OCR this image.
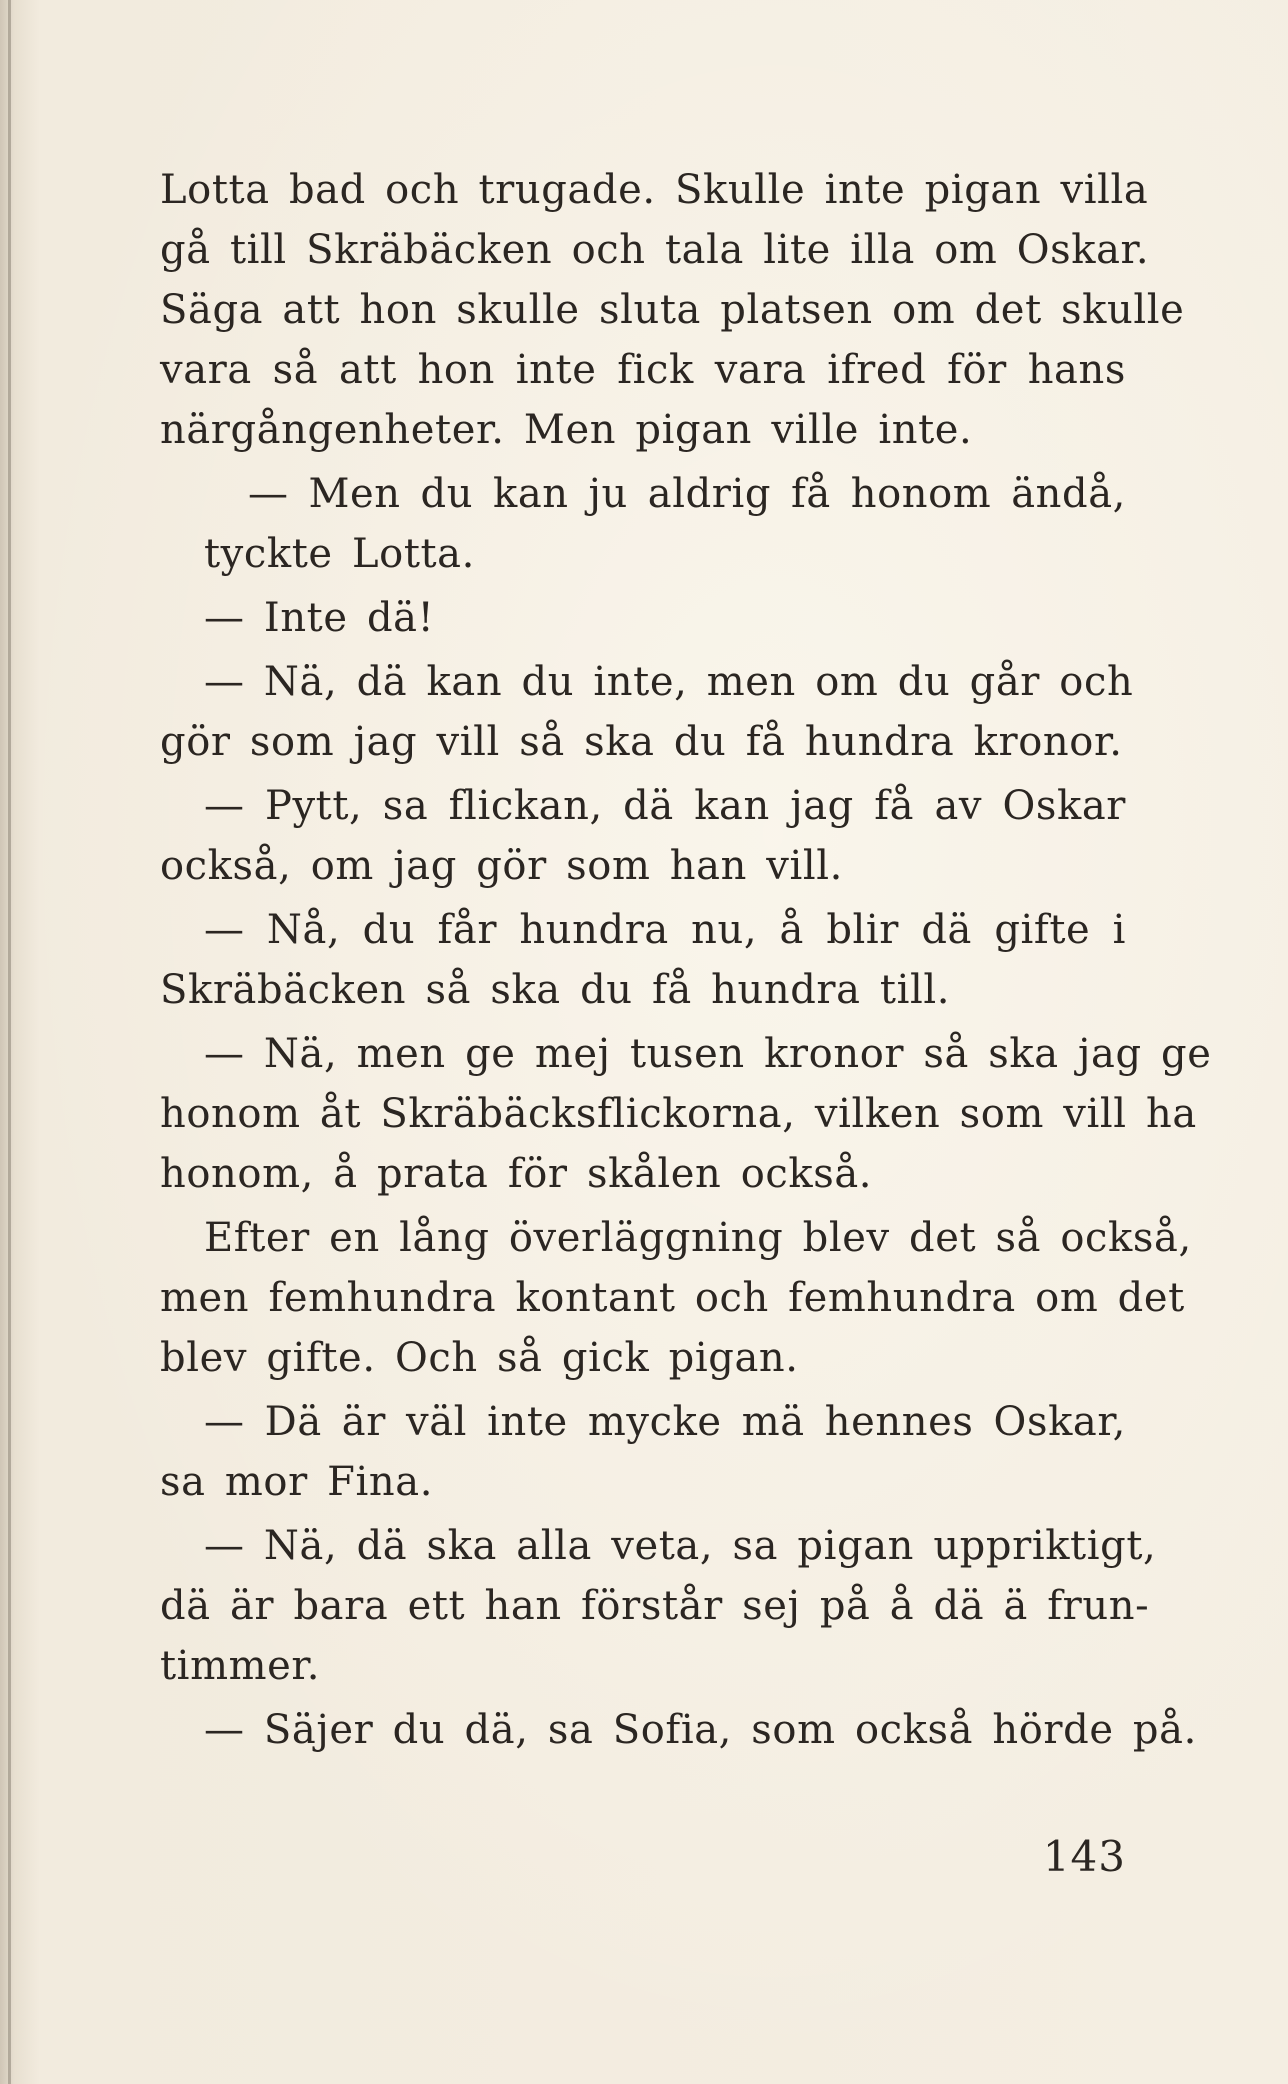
Lotta bad och trugade. Skulle inte pigan villa
gå till Skräbäcken och tala lite illa om Oskar.
Säga att hon skulle sluta platsen om det skulle
vara så att hon inte fick vara ifred för hans
närgångenheter. Men pigan ville inte.

— Men du kan ju aldrig få honom ändå,
tyckte Lotta.

— Inte dä!

— Nä, dä kan du inte, men om du går och
gör som jag vill så ska du få hundra kronor.

— Pytt, sa flickan, dä kan jag få av Oskar
också, om jag gör som han vill.

— Nå, du får hundra nu, å blir dä gifte i
Skräbäcken så ska du få hundra till.

— Nä, men ge mej tusen kronor så ska jag ge
honom åt Skräbäcksflickorna, vilken som vill ha
honom, å prata för skålen också.

Efter en lång överläggning blev det så också,
men femhundra kontant och femhundra om det
blev gifte. Och så gick pigan.

— Dä är väl inte mycke mä hennes Oskar,
sa mor Fina.

— Nä, dä ska alla veta, sa pigan uppriktigt,
dä är bara ett han förstår sej på å dä ä frun-
timmer.

— Säjer du dä, sa Sofia, som också hörde på.

143
